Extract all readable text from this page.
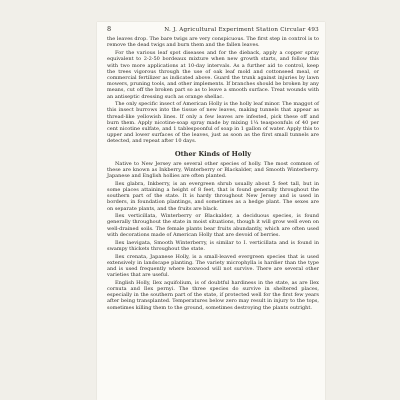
8	N. J. Agricultural Experiment Station Circular 493

the leaves drop. The bare twigs are very conspicuous. The first step in control is to remove the dead twigs and burn them and the fallen leaves.

For the various leaf spot diseases and for the dieback, apply a copper spray equivalent to 2-2-50 bordeaux mixture when new growth starts, and follow this with two more applications at 10-day intervals. As a further aid to control, keep the trees vigorous through the use of oak leaf mold and cottonseed meal, or commercial fertilizer as indicated above. Guard the trunk against injuries by lawn mowers, pruning tools, and other implements. If branches should be broken by any means, cut off the broken part so as to leave a smooth surface. Treat wounds with an antiseptic dressing such as orange shellac.

The only specific insect of American Holly is the holly leaf minor. The maggot of this insect burrows into the tissue of new leaves, making tunnels that appear as thread-like yellowish lines. If only a few leaves are infested, pick these off and burn them. Apply nicotine-soap spray made by mixing 1¼ teaspoonfuls of 40 per cent nicotine sulfate, and 1 tablespoonful of soap in 1 gallon of water. Apply this to upper and lower surfaces of the leaves, just as soon as the first small tunnels are detected, and repeat after 10 days.

Other Kinds of Holly

Native to New Jersey are several other species of holly. The most common of these are known as Inkberry, Winterberry or Blackalder, and Smooth Winterberry. Japanese and English hollies are often planted.

Ilex glabra, Inkberry, is an evergreen shrub usually about 5 feet tall, but in some places attaining a height of 8 feet, that is found generally throughout the southern part of the state. It is hardy throughout New Jersey and is used in borders, in foundation plantings, and sometimes as a hedge plant. The sexes are on separate plants, and the fruits are black.

Ilex verticillata, Winterberry or Blackalder, a deciduous species, is found generally throughout the state in moist situations, though it will grow well even on well-drained soils. The female plants bear fruits abundantly, which are often used with decorations made of American Holly that are devoid of berries.

Ilex laevigata, Smooth Winterberry, is similar to I. verticillata and is found in swampy thickets throughout the state.

Ilex crenata, Japanese Holly, is a small-leaved evergreen species that is used extensively in landscape planting. The variety microphylla is hardier than the type and is used frequently where boxwood will not survive. There are several other varieties that are useful.

English Holly, Ilex aquifolium, is of doubtful hardiness in the state, as are Ilex cornuta and Ilex pernyi. The three species do survive in sheltered places, especially in the southern part of the state, if protected well for the first few years after being transplanted. Temperatures below zero may result in injury to the tops, sometimes killing them to the ground, sometimes destroying the plants outright.
